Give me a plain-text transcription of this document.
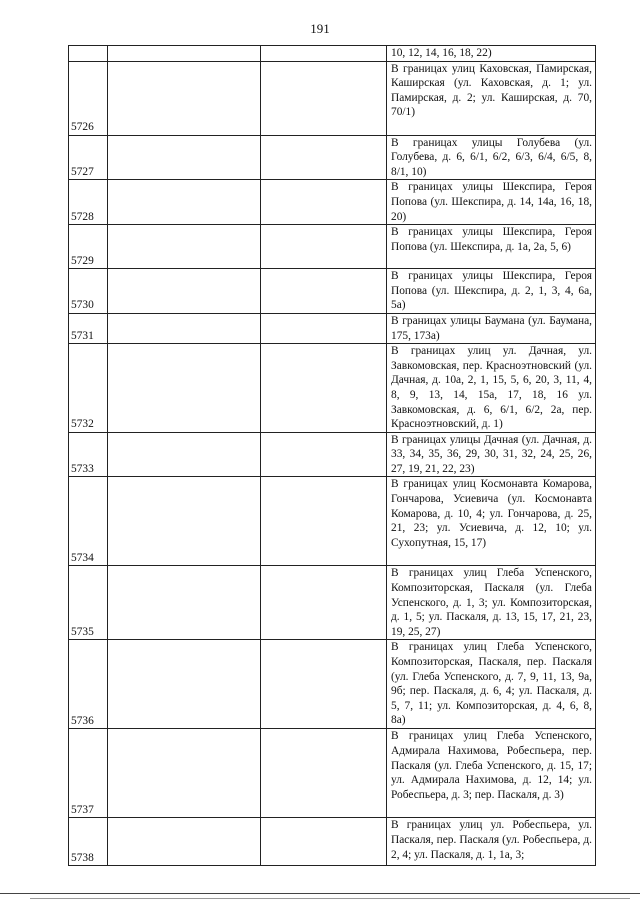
191
			10, 12, 14, 16, 18, 22)
5726			В границах улиц Каховская, Памирская, Каширская (ул. Каховская, д. 1; ул. Памирская, д. 2; ул. Каширская, д. 70, 70/1)
5727			В границах улицы Голубева (ул. Голубева, д. 6, 6/1, 6/2, 6/3, 6/4, 6/5, 8, 8/1, 10)
5728			В границах улицы Шекспира, Героя Попова (ул. Шекспира, д. 14, 14а, 16, 18, 20)
5729			В границах улицы Шекспира, Героя Попова (ул. Шекспира, д. 1а, 2а, 5, 6)
5730			В границах улицы Шекспира, Героя Попова (ул. Шекспира, д. 2, 1, 3, 4, 6а, 5а)
5731			В границах улицы Баумана (ул. Баумана, 175, 173а)
5732			В границах улиц ул. Дачная, ул. Завкомовская, пер. Красноэтновский (ул. Дачная, д. 10а, 2, 1, 15, 5, 6, 20, 3, 11, 4, 8, 9, 13, 14, 15а, 17, 18, 16 ул. Завкомовская, д. 6, 6/1, 6/2, 2а, пер. Красноэтновский, д. 1)
5733			В границах улицы Дачная (ул. Дачная, д. 33, 34, 35, 36, 29, 30, 31, 32, 24, 25, 26, 27, 19, 21, 22, 23)
5734			В границах улиц Космонавта Комарова, Гончарова, Усиевича (ул. Космонавта Комарова, д. 10, 4; ул. Гончарова, д. 25, 21, 23; ул. Усиевича, д. 12, 10; ул. Сухопутная, 15, 17)
5735			В границах улиц Глеба Успенского, Композиторская, Паскаля (ул. Глеба Успенского, д. 1, 3; ул. Композиторская, д. 1, 5; ул. Паскаля, д. 13, 15, 17, 21, 23, 19, 25, 27)
5736			В границах улиц Глеба Успенского, Композиторская, Паскаля, пер. Паскаля (ул. Глеба Успенского, д. 7, 9, 11, 13, 9а, 9б; пер. Паскаля, д. 6, 4; ул. Паскаля, д. 5, 7, 11; ул. Композиторская, д. 4, 6, 8, 8а)
5737			В границах улиц Глеба Успенского, Адмирала Нахимова, Робеспьера, пер. Паскаля (ул. Глеба Успенского, д. 15, 17; ул. Адмирала Нахимова, д. 12, 14; ул. Робеспьера, д. 3; пер. Паскаля, д. 3)
5738			В границах улиц ул. Робеспьера, ул. Паскаля, пер. Паскаля (ул. Робеспьера, д. 2, 4; ул. Паскаля, д. 1, 1а, 3;
